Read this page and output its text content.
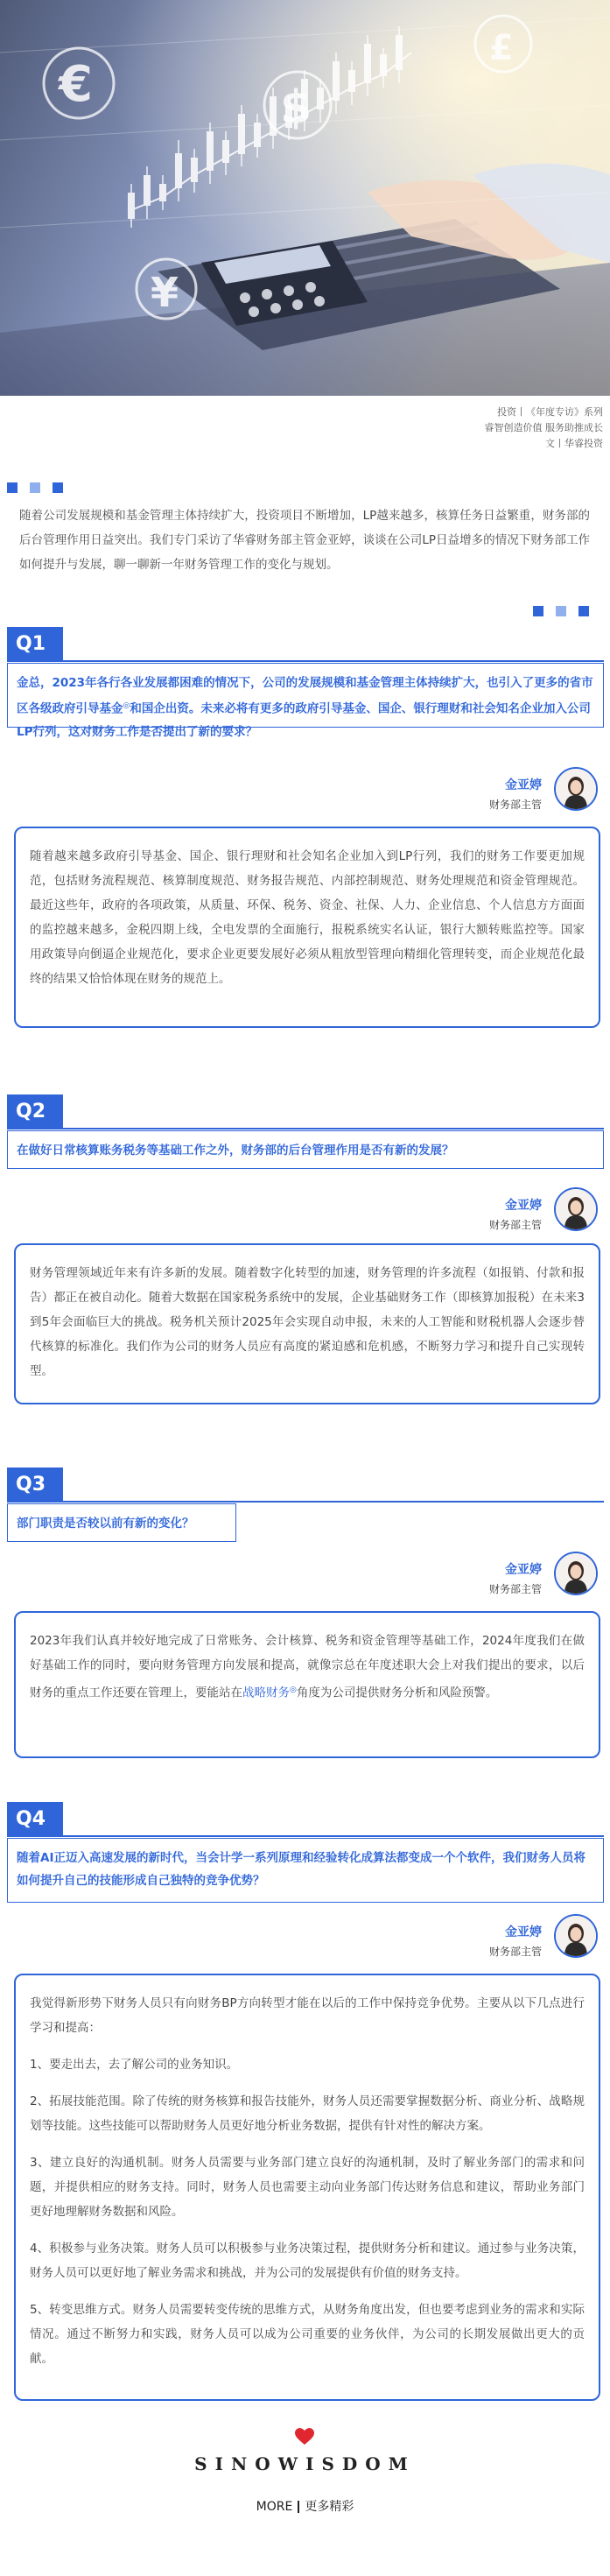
€	$
¥
£
投资丨《年度专访》系列
睿智创造价值 服务助推成长
文丨华睿投资
随着公司发展规模和基金管理主体持续扩大，投资项目不断增加，LP越来越多，核算任务日益繁重，财务部的后台管理作用日益突出。我们专门采访了华睿财务部主管金亚婷，谈谈在公司LP日益增多的情况下财务部工作如何提升与发展，聊一聊新一年财务管理工作的变化与规划。
Q1
金总，2023年各行各业发展都困难的情况下，公司的发展规模和基金管理主体持续扩大，也引入了更多的省市区各级政府引导基金◎和国企出资。未来必将有更多的政府引导基金、国企、银行理财和社会知名企业加入公司LP行列，这对财务工作是否提出了新的要求？
金亚婷
财务部主管

随着越来越多政府引导基金、国企、银行理财和社会知名企业加入到LP行列，我们的财务工作要更加规范，包括财务流程规范、核算制度规范、财务报告规范、内部控制规范、财务处理规范和资金管理规范。最近这些年，政府的各项政策，从质量、环保、税务、资金、社保、人力、企业信息、个人信息方方面面的监控越来越多，金税四期上线，全电发票的全面施行，报税系统实名认证，银行大额转账监控等。国家用政策导向倒逼企业规范化，要求企业更要发展好必须从粗放型管理向精细化管理转变，而企业规范化最终的结果又恰恰体现在财务的规范上。

Q2
在做好日常核算账务税务等基础工作之外，财务部的后台管理作用是否有新的发展？
金亚婷
财务部主管

财务管理领域近年来有许多新的发展。随着数字化转型的加速，财务管理的许多流程（如报销、付款和报告）都正在被自动化。随着大数据在国家税务系统中的发展，企业基础财务工作（即核算加报税）在未来3到5年会面临巨大的挑战。税务机关预计2025年会实现自动申报，未来的人工智能和财税机器人会逐步替代核算的标准化。我们作为公司的财务人员应有高度的紧迫感和危机感，不断努力学习和提升自己实现转型。

Q3
部门职责是否较以前有新的变化？
金亚婷
财务部主管

2023年我们认真并较好地完成了日常账务、会计核算、税务和资金管理等基础工作，2024年度我们在做好基础工作的同时，要向财务管理方向发展和提高，就像宗总在年度述职大会上对我们提出的要求，以后财务的重点工作还要在管理上，要能站在战略财务◎角度为公司提供财务分析和风险预警。

Q4
随着AI正迈入高速发展的新时代，当会计学一系列原理和经验转化成算法都变成一个个软件，我们财务人员将如何提升自己的技能形成自己独特的竞争优势？
金亚婷
财务部主管

我觉得新形势下财务人员只有向财务BP方向转型才能在以后的工作中保持竞争优势。主要从以下几点进行学习和提高：

1、要走出去，去了解公司的业务知识。

2、拓展技能范围。除了传统的财务核算和报告技能外，财务人员还需要掌握数据分析、商业分析、战略规划等技能。这些技能可以帮助财务人员更好地分析业务数据，提供有针对性的解决方案。

3、建立良好的沟通机制。财务人员需要与业务部门建立良好的沟通机制，及时了解业务部门的需求和问题，并提供相应的财务支持。同时，财务人员也需要主动向业务部门传达财务信息和建议，帮助业务部门更好地理解财务数据和风险。

4、积极参与业务决策。财务人员可以积极参与业务决策过程，提供财务分析和建议。通过参与业务决策，财务人员可以更好地了解业务需求和挑战，并为公司的发展提供有价值的财务支持。

5、转变思维方式。财务人员需要转变传统的思维方式，从财务角度出发，但也要考虑到业务的需求和实际情况。通过不断努力和实践，财务人员可以成为公司重要的业务伙伴，为公司的长期发展做出更大的贡献。

SINOWISDOM
MORE 更多精彩
